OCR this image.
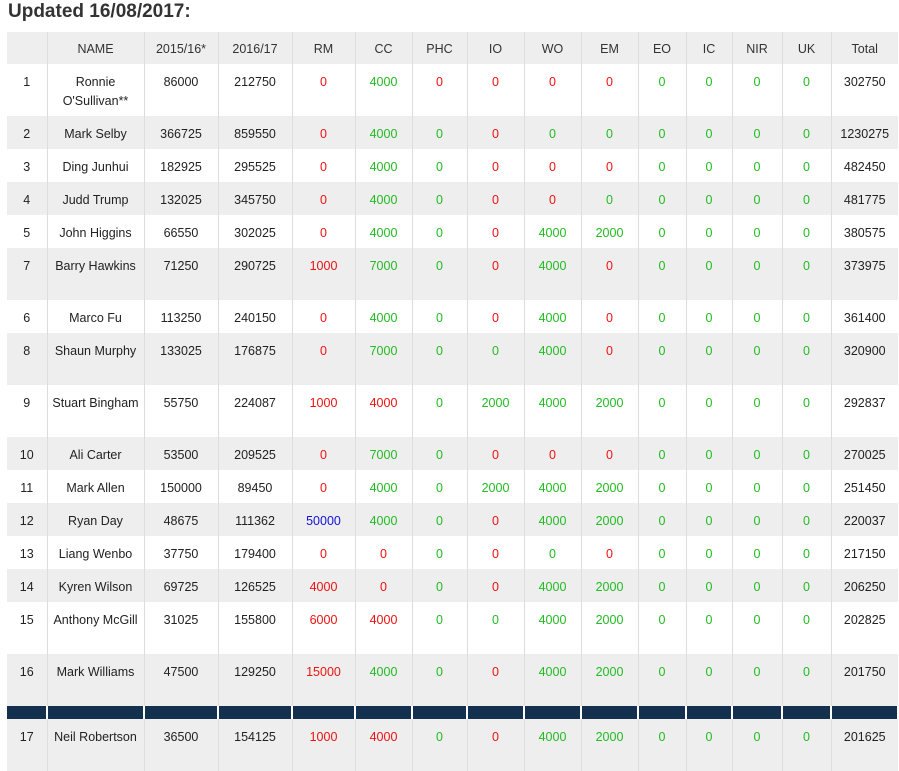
Updated 16/08/2017:
	NAME	2015/16*	2016/17	RM	CC	PHC	IO	WO	EM	EO	IC	NIR	UK	Total
1	Ronnie O'Sullivan**	86000	212750	0	4000	0	0	0	0	0	0	0	0	302750
2	Mark Selby	366725	859550	0	4000	0	0	0	0	0	0	0	0	1230275
3	Ding Junhui	182925	295525	0	4000	0	0	0	0	0	0	0	0	482450
4	Judd Trump	132025	345750	0	4000	0	0	0	0	0	0	0	0	481775
5	John Higgins	66550	302025	0	4000	0	0	4000	2000	0	0	0	0	380575
7	Barry Hawkins	71250	290725	1000	7000	0	0	4000	0	0	0	0	0	373975
6	Marco Fu	113250	240150	0	4000	0	0	4000	0	0	0	0	0	361400
8	Shaun Murphy	133025	176875	0	7000	0	0	4000	0	0	0	0	0	320900
9	Stuart Bingham	55750	224087	1000	4000	0	2000	4000	2000	0	0	0	0	292837
10	Ali Carter	53500	209525	0	7000	0	0	0	0	0	0	0	0	270025
11	Mark Allen	150000	89450	0	4000	0	2000	4000	2000	0	0	0	0	251450
12	Ryan Day	48675	111362	50000	4000	0	0	4000	2000	0	0	0	0	220037
13	Liang Wenbo	37750	179400	0	0	0	0	0	0	0	0	0	0	217150
14	Kyren Wilson	69725	126525	4000	0	0	0	4000	2000	0	0	0	0	206250
15	Anthony McGill	31025	155800	6000	4000	0	0	4000	2000	0	0	0	0	202825
16	Mark Williams	47500	129250	15000	4000	0	0	4000	2000	0	0	0	0	201750

17	Neil Robertson	36500	154125	1000	4000	0	0	4000	2000	0	0	0	0	201625
